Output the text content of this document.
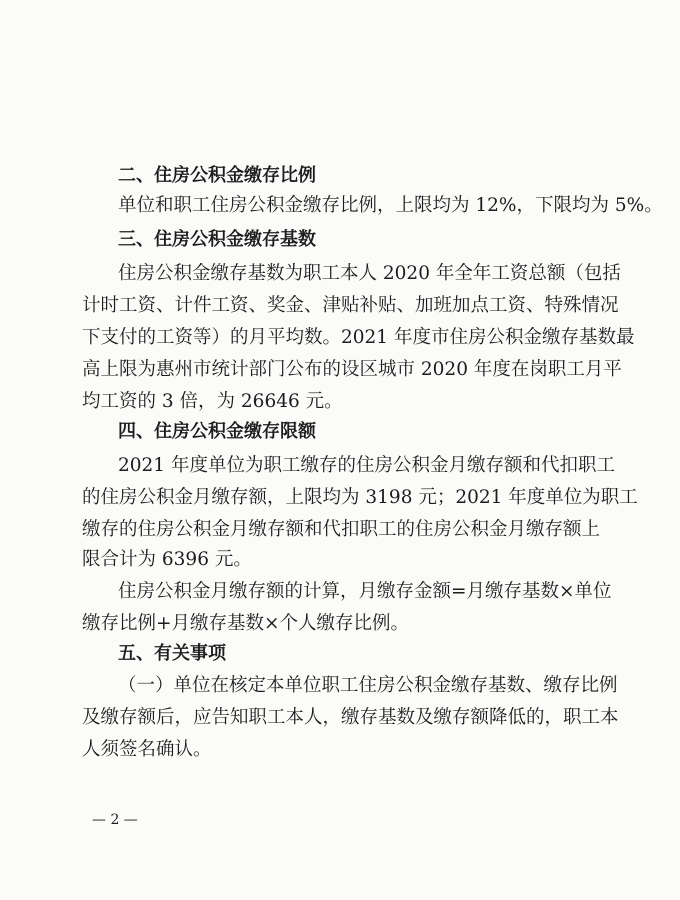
二、住房公积金缴存比例
单位和职工住房公积金缴存比例，上限均为 12%，下限均为 5%。
三、住房公积金缴存基数
住房公积金缴存基数为职工本人 2020 年全年工资总额（包括
计时工资、计件工资、奖金、津贴补贴、加班加点工资、特殊情况
下支付的工资等）的月平均数。2021 年度市住房公积金缴存基数最
高上限为惠州市统计部门公布的设区城市 2020 年度在岗职工月平
均工资的 3 倍，为 26646 元。
四、住房公积金缴存限额
2021 年度单位为职工缴存的住房公积金月缴存额和代扣职工
的住房公积金月缴存额，上限均为 3198 元；2021 年度单位为职工
缴存的住房公积金月缴存额和代扣职工的住房公积金月缴存额上
限合计为 6396 元。
住房公积金月缴存额的计算，月缴存金额=月缴存基数×单位
缴存比例+月缴存基数×个人缴存比例。
五、有关事项
（一）单位在核定本单位职工住房公积金缴存基数、缴存比例
及缴存额后，应告知职工本人，缴存基数及缴存额降低的，职工本
人须签名确认。
— 2 —
